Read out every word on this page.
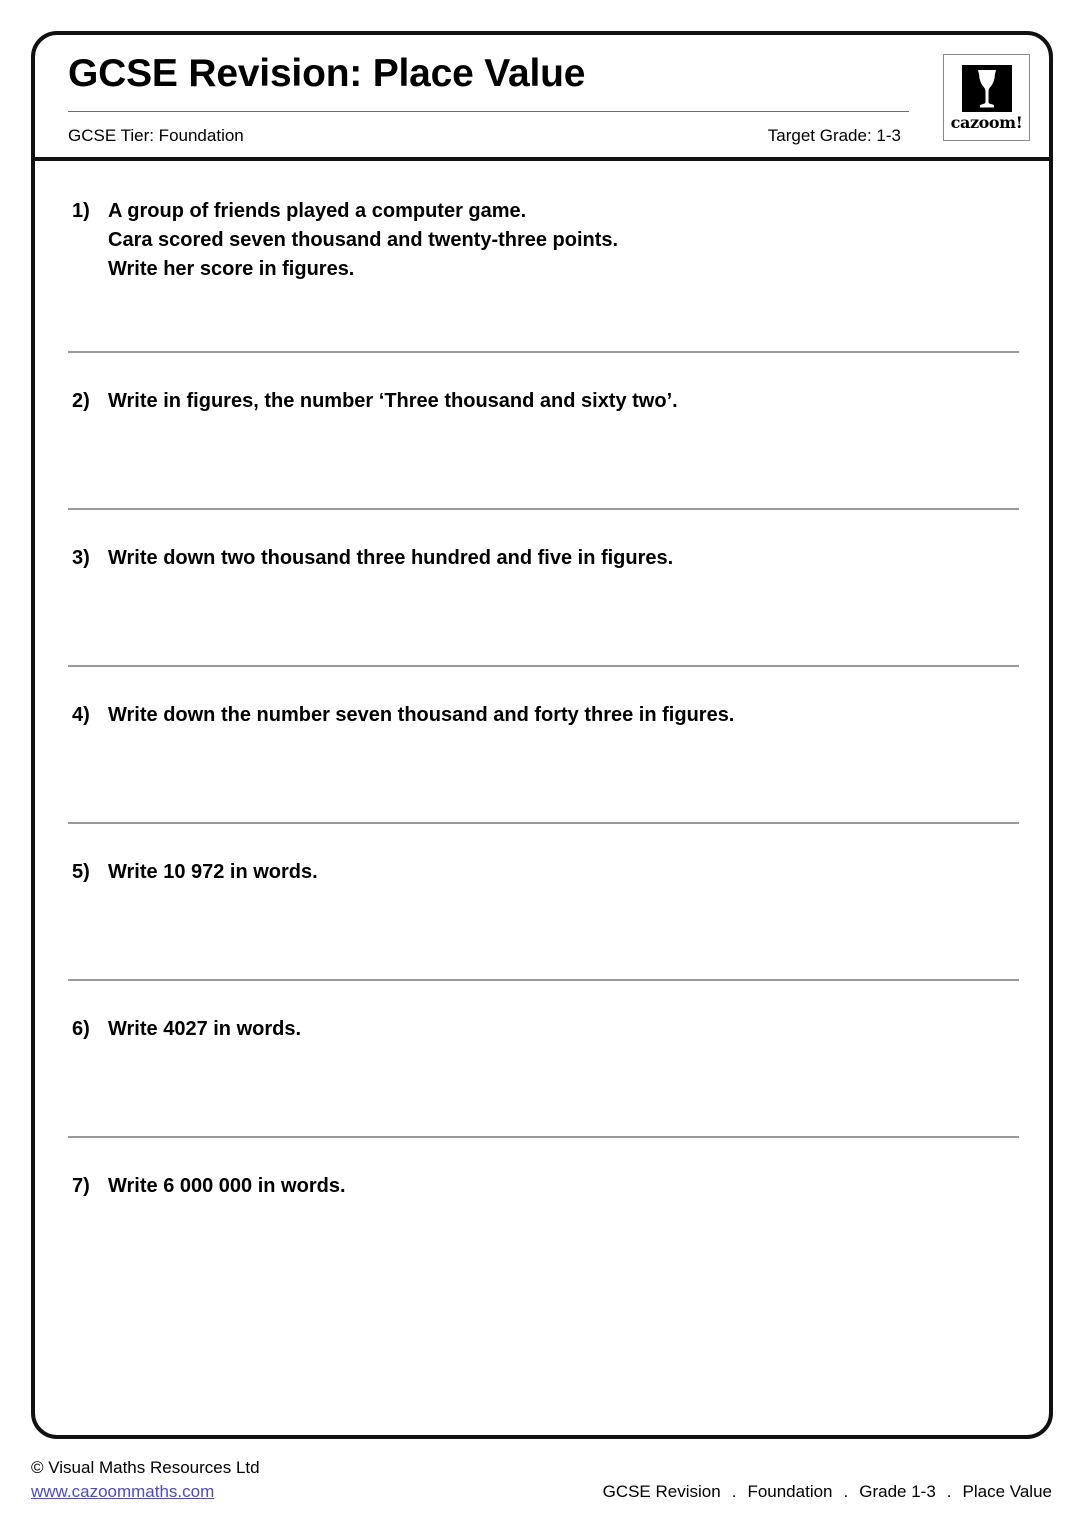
GCSE Revision: Place Value
GCSE Tier: Foundation	Target Grade: 1-3
cazoom!
1) A group of friends played a computer game.
Cara scored seven thousand and twenty-three points.
Write her score in figures.
2) Write in figures, the number ‘Three thousand and sixty two’.
3) Write down two thousand three hundred and five in figures.
4) Write down the number seven thousand and forty three in figures.
5) Write 10 972 in words.
6) Write 4027 in words.
7) Write 6 000 000 in words.
© Visual Maths Resources Ltd
www.cazoommaths.com	GCSE Revision . Foundation . Grade 1-3 . Place Value
